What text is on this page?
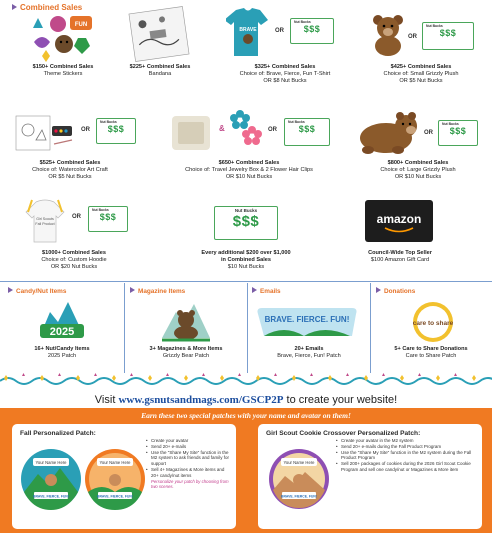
Combined Sales
FUN
$150+ Combined Sales
Theme Stickers
$225+ Combined Sales
Bandana
BRAVE	OR
Nut Bucks
$$$
$325+ Combined Sales
Choice of: Brave, Fierce, Fun T-Shirt
OR $8 Nut Bucks
OR
Nut Bucks
$$$
$425+ Combined Sales
Choice of: Small Grizzly Plush
OR $5 Nut Bucks
OR
Nut Bucks
$$$
$525+ Combined Sales
Choice of: Watercolor Art Craft
OR $5 Nut Bucks
&	OR
Nut Bucks
$$$
$650+ Combined Sales
Choice of: Travel Jewelry Box & 2 Flower Hair Clips
OR $10 Nut Bucks
OR
Nut Bucks
$$$
$800+ Combined Sales
Choice of: Large Grizzly Plush
OR $10 Nut Bucks
Girl Scouts
Fall Product
OR
Nut Bucks
$$$
$1000+ Combined Sales
Choice of: Custom Hoodie
OR $20 Nut Bucks
Nut Bucks
$$$
Every additional $200 over $1,000
in Combined Sales
$10 Nut Bucks
amazon
Council-Wide Top Seller
$100 Amazon Gift Card
Candy/Nut Items
2025
16+ Nut/Candy Items
2025 Patch
Magazine Items
3+ Magazines & More Items
Grizzly Bear Patch
Emails
BRAVE. FIERCE. FUN!
20+ Emails
Brave, Fierce, Fun! Patch
Donations
care to share
5+ Care to Share Donations
Care to Share Patch
Visit www.gsnutsandmags.com/GSCP2P to create your website!
Earn these two special patches with your name and avatar on them!
Fall Personalized Patch:
Your Name Here
BRAVE. FIERCE. FUN!
Your Name Here
BRAVE. FIERCE. FUN!
• Create your avatar
• Send 20+ e-mails
• Use the "Share My Site" function in the M2 system to ask friends and family for support
• Sell 4+ Magazines & More items and 20+ candy/nut items
Personalize your patch by choosing from two scenes.
Girl Scout Cookie Crossover Personalized Patch:
Your Name Here
BRAVE. FIERCE. FUN!
• Create your avatar in the M2 system
• Send 20+ e-mails during the Fall Product Program
• Use the "Share My Site" function in the M2 system during the Fall Product Program
• Sell 200+ packages of cookies during the 2026 Girl Scout Cookie Program and sell one candy/nut or Magazines & More item
